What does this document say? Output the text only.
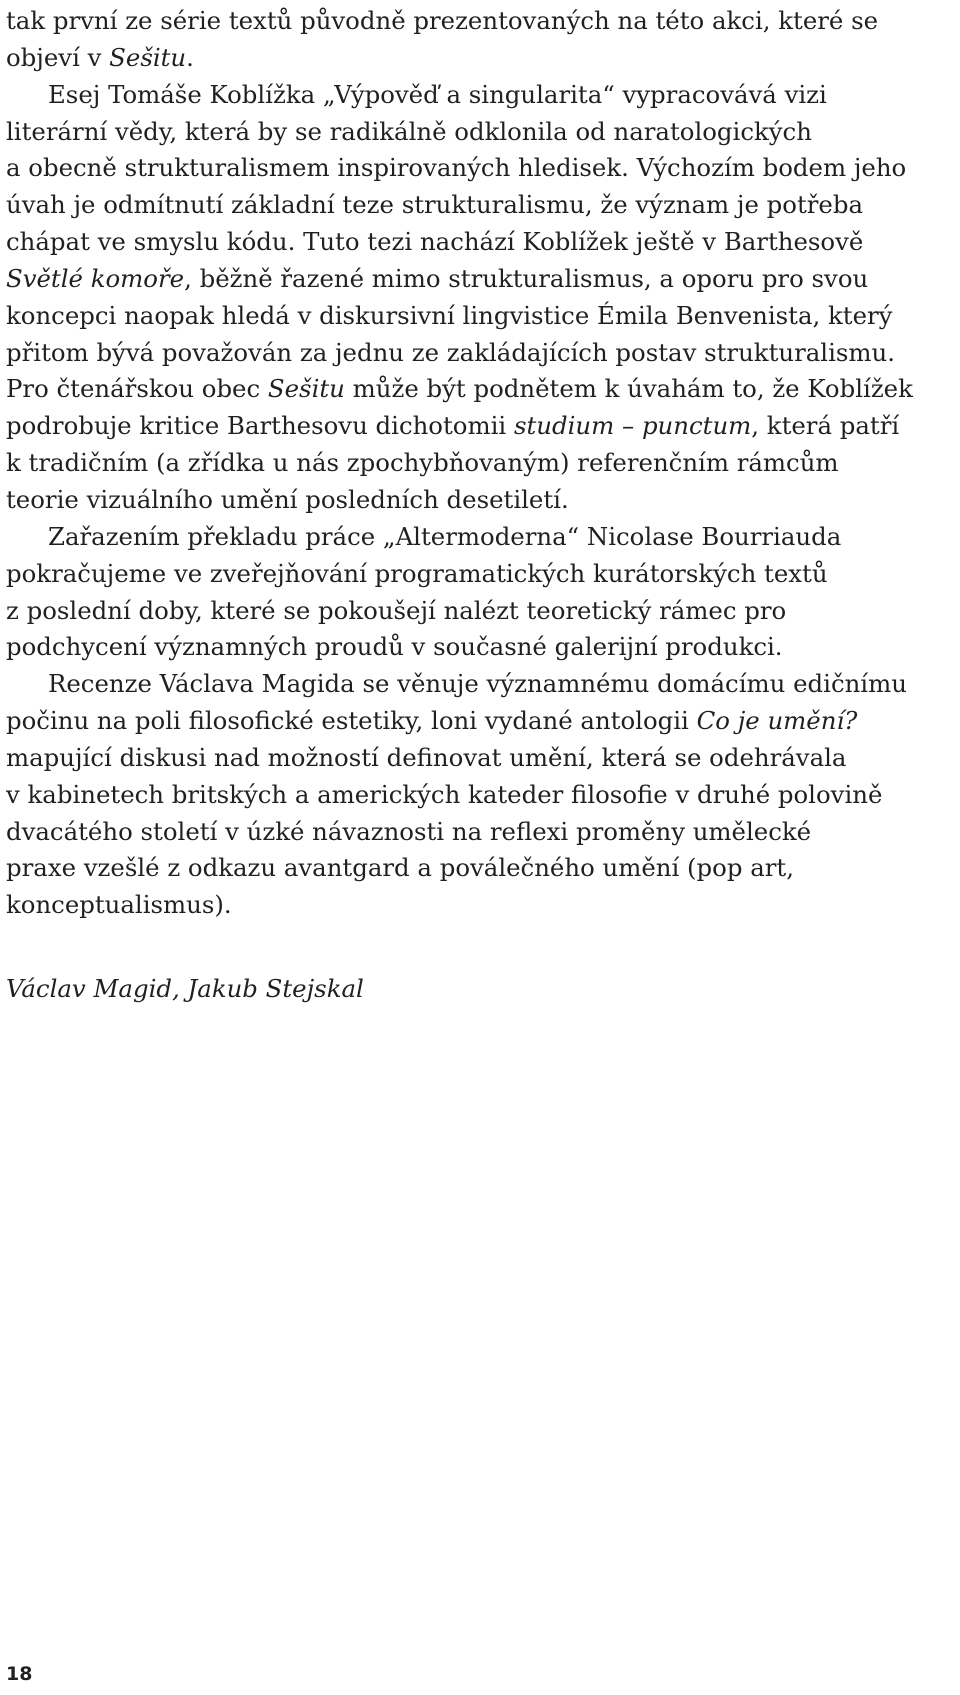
tak první ze série textů původně prezentovaných na této akci, které se
objeví v Sešitu.
Esej Tomáše Koblížka „Výpověď a singularita“ vypracovává vizi
literární vědy, která by se radikálně odklonila od naratologických
a obecně strukturalismem inspirovaných hledisek. Výchozím bodem jeho
úvah je odmítnutí základní teze strukturalismu, že význam je potřeba
chápat ve smyslu kódu. Tuto tezi nachází Koblížek ještě v Barthesově
Světlé komoře, běžně řazené mimo strukturalismus, a oporu pro svou
koncepci naopak hledá v diskursivní lingvistice Émila Benvenista, který
přitom bývá považován za jednu ze zakládajících postav strukturalismu.
Pro čtenářskou obec Sešitu může být podnětem k úvahám to, že Koblížek
podrobuje kritice Barthesovu dichotomii studium – punctum, která patří
k tradičním (a zřídka u nás zpochybňovaným) referenčním rámcům
teorie vizuálního umění posledních desetiletí.
Zařazením překladu práce „Altermoderna“ Nicolase Bourriauda
pokračujeme ve zveřejňování programatických kurátorských textů
z poslední doby, které se pokoušejí nalézt teoretický rámec pro
podchycení významných proudů v současné galerijní produkci.
Recenze Václava Magida se věnuje významnému domácímu edičnímu
počinu na poli filosofické estetiky, loni vydané antologii Co je umění?
mapující diskusi nad možností definovat umění, která se odehrávala
v kabinetech britských a amerických kateder filosofie v druhé polovině
dvacátého století v úzké návaznosti na reflexi proměny umělecké
praxe vzešlé z odkazu avantgard a poválečného umění (pop art,
konceptualismus).
Václav Magid, Jakub Stejskal
18
